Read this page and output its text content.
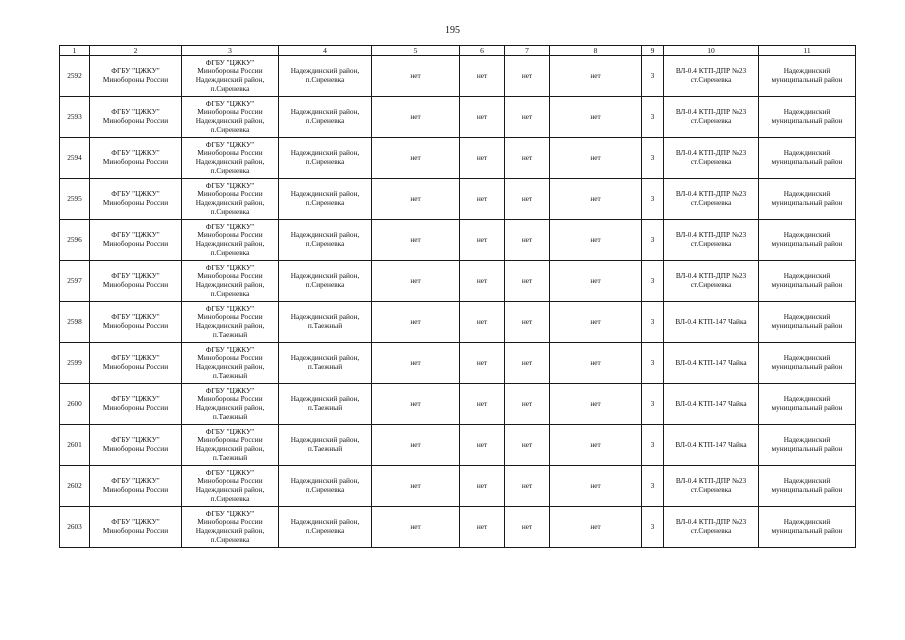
195
1	2	3	4	5	6	7	8	9	10	11
2592	ФГБУ "ЦЖКУ"
Минобороны России	ФГБУ "ЦЖКУ"
Минобороны России
Надеждинский район,
п.Сиреневка	Надеждинский район,
п.Сиреневка	нет	нет	нет	нет	3	ВЛ-0.4 КТП-ДПР №23
ст.Сиреневка	Надеждинский
муниципальный район
2593	ФГБУ "ЦЖКУ"
Минобороны России	ФГБУ "ЦЖКУ"
Минобороны России
Надеждинский район,
п.Сиреневка	Надеждинский район,
п.Сиреневка	нет	нет	нет	нет	3	ВЛ-0.4 КТП-ДПР №23
ст.Сиреневка	Надеждинский
муниципальный район
2594	ФГБУ "ЦЖКУ"
Минобороны России	ФГБУ "ЦЖКУ"
Минобороны России
Надеждинский район,
п.Сиреневка	Надеждинский район,
п.Сиреневка	нет	нет	нет	нет	3	ВЛ-0.4 КТП-ДПР №23
ст.Сиреневка	Надеждинский
муниципальный район
2595	ФГБУ "ЦЖКУ"
Минобороны России	ФГБУ "ЦЖКУ"
Минобороны России
Надеждинский район,
п.Сиреневка	Надеждинский район,
п.Сиреневка	нет	нет	нет	нет	3	ВЛ-0.4 КТП-ДПР №23
ст.Сиреневка	Надеждинский
муниципальный район
2596	ФГБУ "ЦЖКУ"
Минобороны России	ФГБУ "ЦЖКУ"
Минобороны России
Надеждинский район,
п.Сиреневка	Надеждинский район,
п.Сиреневка	нет	нет	нет	нет	3	ВЛ-0.4 КТП-ДПР №23
ст.Сиреневка	Надеждинский
муниципальный район
2597	ФГБУ "ЦЖКУ"
Минобороны России	ФГБУ "ЦЖКУ"
Минобороны России
Надеждинский район,
п.Сиреневка	Надеждинский район,
п.Сиреневка	нет	нет	нет	нет	3	ВЛ-0.4 КТП-ДПР №23
ст.Сиреневка	Надеждинский
муниципальный район
2598	ФГБУ "ЦЖКУ"
Минобороны России	ФГБУ "ЦЖКУ"
Минобороны России
Надеждинский район,
п.Таежный	Надеждинский район,
п.Таежный	нет	нет	нет	нет	3	ВЛ-0.4 КТП-147 Чайка	Надеждинский
муниципальный район
2599	ФГБУ "ЦЖКУ"
Минобороны России	ФГБУ "ЦЖКУ"
Минобороны России
Надеждинский район,
п.Таежный	Надеждинский район,
п.Таежный	нет	нет	нет	нет	3	ВЛ-0.4 КТП-147 Чайка	Надеждинский
муниципальный район
2600	ФГБУ "ЦЖКУ"
Минобороны России	ФГБУ "ЦЖКУ"
Минобороны России
Надеждинский район,
п.Таежный	Надеждинский район,
п.Таежный	нет	нет	нет	нет	3	ВЛ-0.4 КТП-147 Чайка	Надеждинский
муниципальный район
2601	ФГБУ "ЦЖКУ"
Минобороны России	ФГБУ "ЦЖКУ"
Минобороны России
Надеждинский район,
п.Таежный	Надеждинский район,
п.Таежный	нет	нет	нет	нет	3	ВЛ-0.4 КТП-147 Чайка	Надеждинский
муниципальный район
2602	ФГБУ "ЦЖКУ"
Минобороны России	ФГБУ "ЦЖКУ"
Минобороны России
Надеждинский район,
п.Сиреневка	Надеждинский район,
п.Сиреневка	нет	нет	нет	нет	3	ВЛ-0.4 КТП-ДПР №23
ст.Сиреневка	Надеждинский
муниципальный район
2603	ФГБУ "ЦЖКУ"
Минобороны России	ФГБУ "ЦЖКУ"
Минобороны России
Надеждинский район,
п.Сиреневка	Надеждинский район,
п.Сиреневка	нет	нет	нет	нет	3	ВЛ-0.4 КТП-ДПР №23
ст.Сиреневка	Надеждинский
муниципальный район
